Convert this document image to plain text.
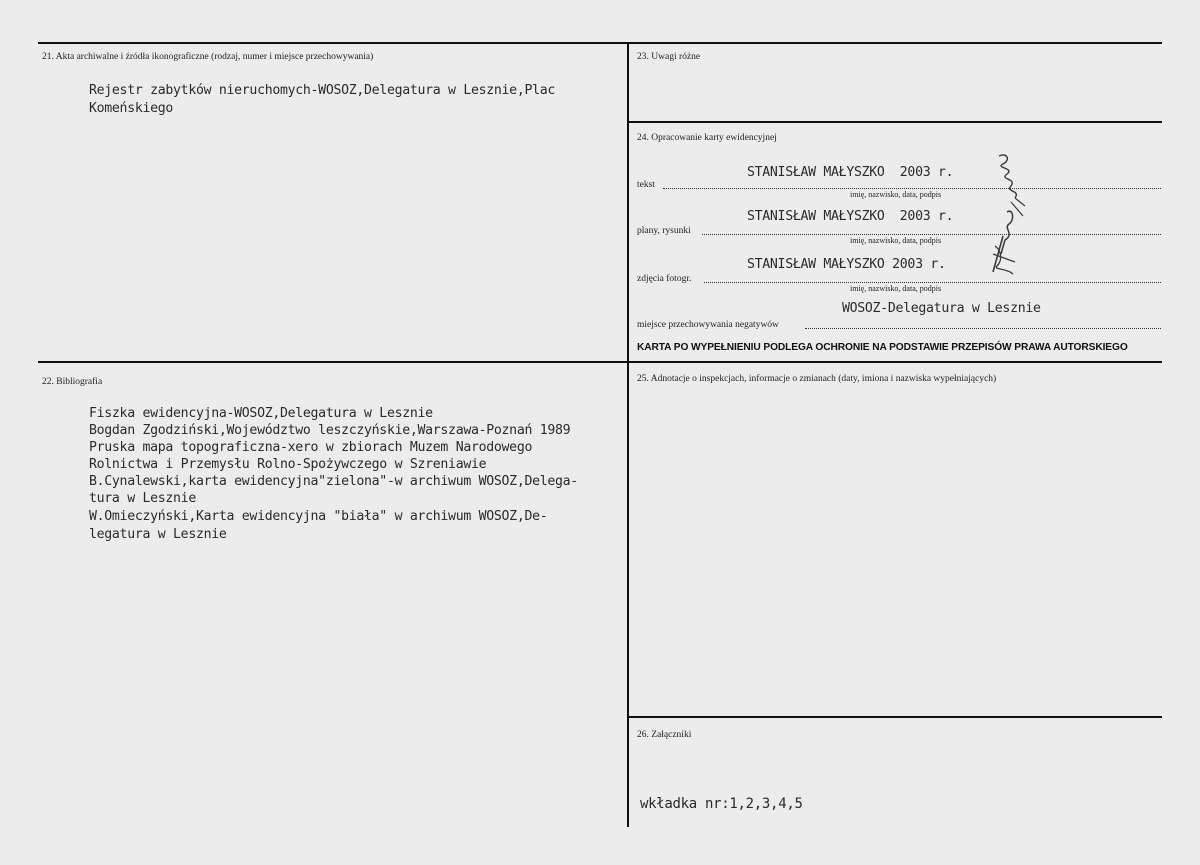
21. Akta archiwalne i źródła ikonograficzne (rodzaj, numer i miejsce przechowywania)
Rejestr zabytków nieruchomych-WOSOZ,Delegatura w Lesznie,Plac
Komeńskiego
22. Bibliografia
Fiszka ewidencyjna-WOSOZ,Delegatura w Lesznie
Bogdan Zgodziński,Województwo leszczyńskie,Warszawa-Poznań 1989
Pruska mapa topograficzna-xero w zbiorach Muzem Narodowego
Rolnictwa i Przemysłu Rolno-Spożywczego w Szreniawie
B.Cynalewski,karta ewidencyjna"zielona"-w archiwum WOSOZ,Delega-
tura w Lesznie
W.Omieczyński,Karta ewidencyjna "biała" w archiwum WOSOZ,De-
legatura w Lesznie
23. Uwagi różne
24. Opracowanie karty ewidencyjnej
STANISŁAW MAŁYSZKO  2003 r.
tekst
imię, nazwisko, data, podpis
STANISŁAW MAŁYSZKO  2003 r.
plany, rysunki
imię, nazwisko, data, podpis
STANISŁAW MAŁYSZKO 2003 r.
zdjęcia fotogr.
imię, nazwisko, data, podpis
WOSOZ-Delegatura w Lesznie
miejsce przechowywania negatywów
KARTA PO WYPEŁNIENIU PODLEGA OCHRONIE NA PODSTAWIE PRZEPISÓW PRAWA AUTORSKIEGO
25. Adnotacje o inspekcjach, informacje o zmianach (daty, imiona i nazwiska wypełniających)
26. Załączniki
wkładka nr:1,2,3,4,5
